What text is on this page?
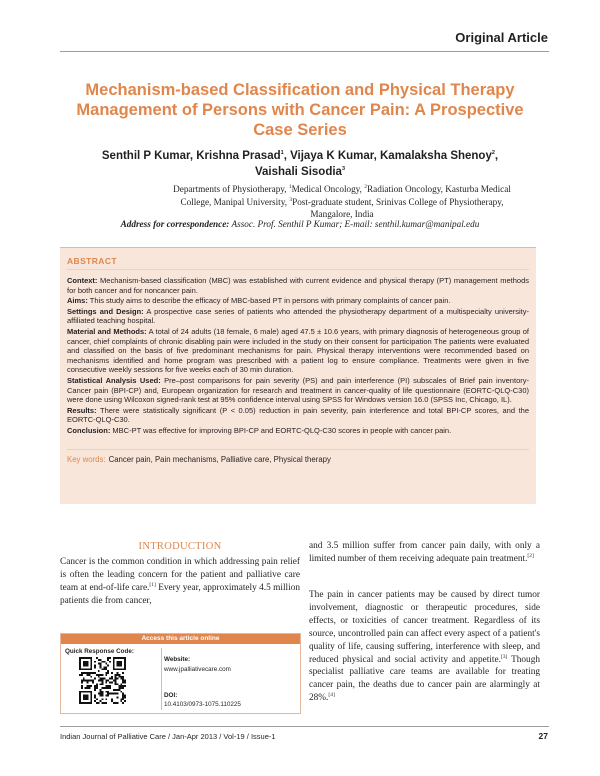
Original Article
Mechanism-based Classification and Physical Therapy Management of Persons with Cancer Pain: A Prospective Case Series
Senthil P Kumar, Krishna Prasad$^1$, Vijaya K Kumar, Kamalaksha Shenoy$^2$,
Vaishali Sisodia$^3$
Departments of Physiotherapy, $^1$Medical Oncology, $^2$Radiation Oncology, Kasturba Medical College, Manipal University, $^3$Post-graduate student, Srinivas College of Physiotherapy, Mangalore, India
Address for correspondence: Assoc. Prof. Senthil P Kumar; E-mail: senthil.kumar@manipal.edu
ABSTRACT

Context: Mechanism-based classification (MBC) was established with current evidence and physical therapy (PT) management methods for both cancer and for noncancer pain.

Aims: This study aims to describe the efficacy of MBC-based PT in persons with primary complaints of cancer pain.

Settings and Design: A prospective case series of patients who attended the physiotherapy department of a multispecialty university-affiliated teaching hospital.

Material and Methods: A total of 24 adults (18 female, 6 male) aged 47.5 ± 10.6 years, with primary diagnosis of heterogeneous group of cancer, chief complaints of chronic disabling pain were included in the study on their consent for participation The patients were evaluated and classified on the basis of five predominant mechanisms for pain. Physical therapy interventions were recommended based on mechanisms identified and home program was prescribed with a patient log to ensure compliance. Treatments were given in five consecutive weekly sessions for five weeks each of 30 min duration.

Statistical Analysis Used: Pre–post comparisons for pain severity (PS) and pain interference (PI) subscales of Brief pain inventory-Cancer pain (BPI-CP) and, European organization for research and treatment in cancer-quality of life questionnaire (EORTC-QLQ-C30) were done using Wilcoxon signed-rank test at 95% confidence interval using SPSS for Windows version 16.0 (SPSS Inc, Chicago, IL).

Results: There were statistically significant (P < 0.05) reduction in pain severity, pain interference and total BPI-CP scores, and the EORTC-QLQ-C30.

Conclusion: MBC-PT was effective for improving BPI-CP and EORTC-QLQ-C30 scores in people with cancer pain.

Key words: Cancer pain, Pain mechanisms, Palliative care, Physical therapy
INTRODUCTION

Cancer is the common condition in which addressing pain relief is often the leading concern for the patient and palliative care team at end-of-life care.[1] Every year, approximately 4.5 million patients die from cancer,

and 3.5 million suffer from cancer pain daily, with only a limited number of them receiving adequate pain treatment.[2]

The pain in cancer patients may be caused by direct tumor involvement, diagnostic or therapeutic procedures, side effects, or toxicities of cancer treatment. Regardless of its source, uncontrolled pain can affect every aspect of a patient's quality of life, causing suffering, interference with sleep, and reduced physical and social activity and appetite.[3] Though specialist palliative care teams are available for treating cancer pain, the deaths due to cancer pain are alarmingly at 28%.[4]

Access this article online
Quick Response Code:
Website:
www.jpalliativecare.com
DOI:
10.4103/0973-1075.110225
Indian Journal of Palliative Care / Jan-Apr 2013 / Vol-19 / Issue-1	27
